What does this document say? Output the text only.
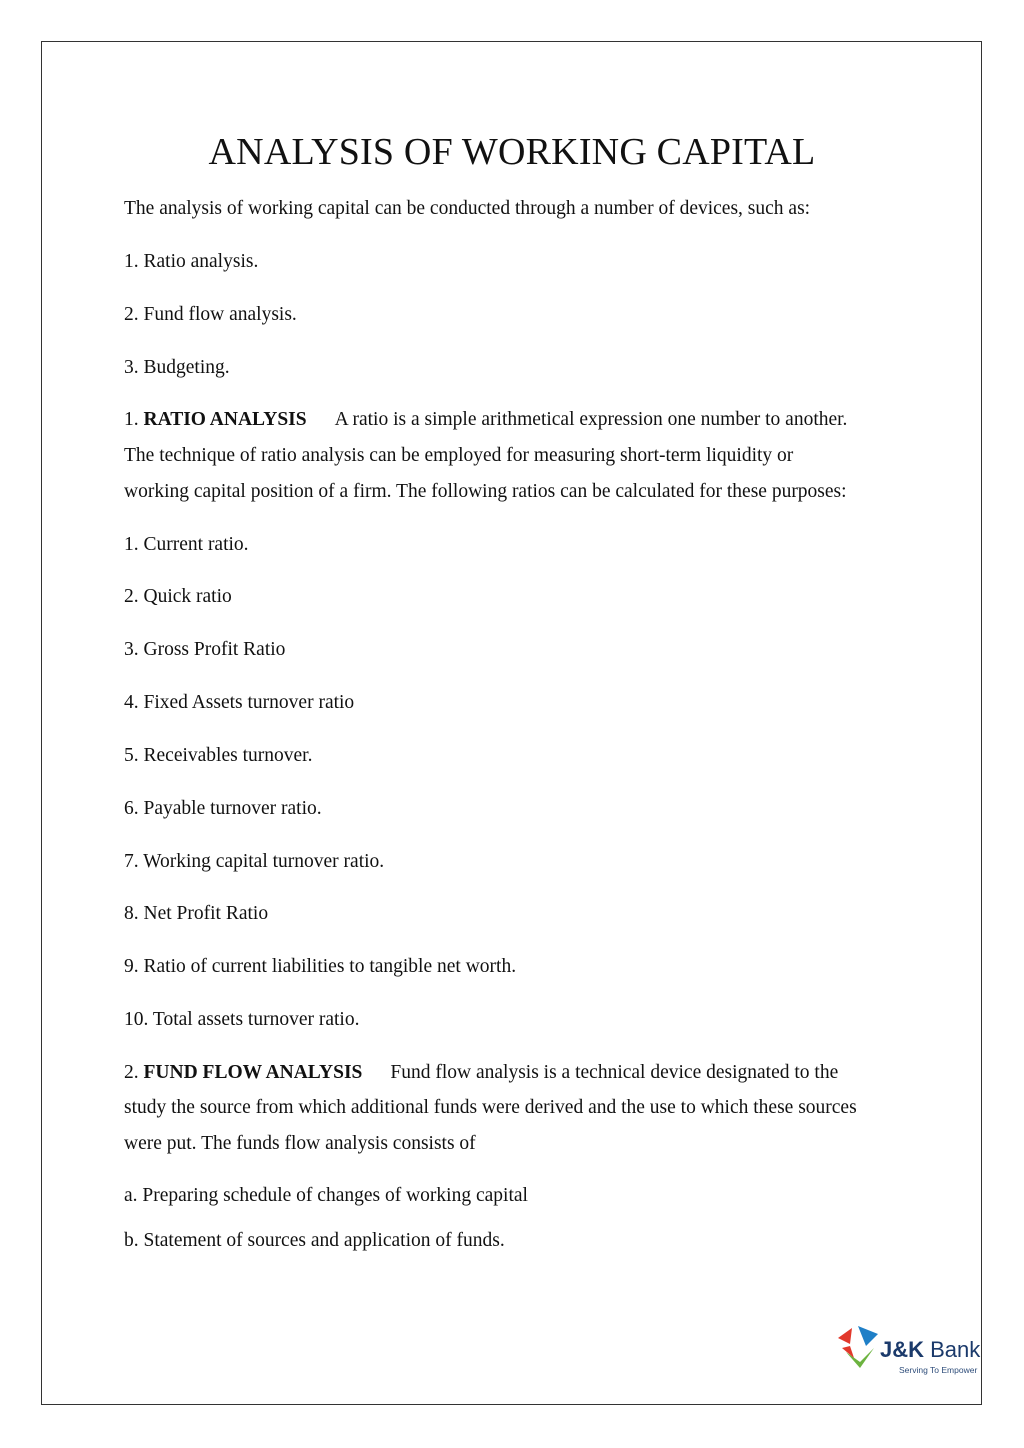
ANALYSIS OF WORKING CAPITAL
The analysis of working capital can be conducted through a number of devices, such as:
1. Ratio analysis.
2. Fund flow analysis.
3. Budgeting.
1. RATIO ANALYSIS A ratio is a simple arithmetical expression one number to another.
The technique of ratio analysis can be employed for measuring short-term liquidity or
working capital position of a firm. The following ratios can be calculated for these purposes:
1. Current ratio.
2. Quick ratio
3. Gross Profit Ratio
4. Fixed Assets turnover ratio
5. Receivables turnover.
6. Payable turnover ratio.
7. Working capital turnover ratio.
8. Net Profit Ratio
9. Ratio of current liabilities to tangible net worth.
10. Total assets turnover ratio.
2. FUND FLOW ANALYSIS Fund flow analysis is a technical device designated to the
study the source from which additional funds were derived and the use to which these sources
were put. The funds flow analysis consists of
a. Preparing schedule of changes of working capital
b. Statement of sources and application of funds.
J&K Bank
Serving To Empower
